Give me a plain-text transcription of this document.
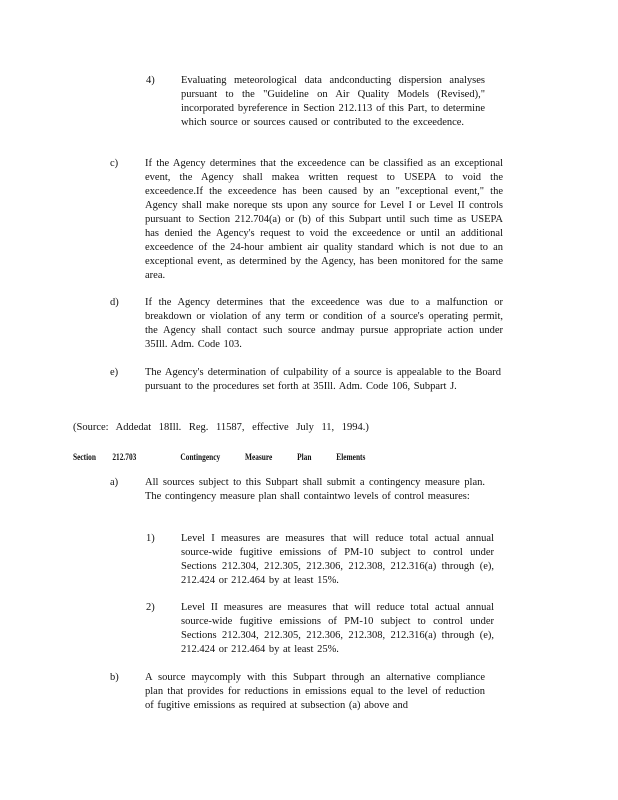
4)	Evaluating meteorological data andconducting dispersion analyses pursuant to the "Guideline on Air Quality Models (Revised)," incorporated byreference in Section 212.113 of this Part, to determine which source or sources caused or contributed to the exceedence.
c)	If the Agency determines that the exceedence can be classified as an exceptional event, the Agency shall makea written request to USEPA to void the exceedence.If the exceedence has been caused by an "exceptional event," the Agency shall make noreque sts upon any source for Level I or Level II controls pursuant to Section 212.704(a) or (b) of this Subpart until such time as USEPA has denied the Agency's request to void the exceedence or until an additional exceedence of the 24-hour ambient air quality standard which is not due to an exceptional event, as determined by the Agency, has been monitored for the same area.
d)	If the Agency determines that the exceedence was due to a malfunction or breakdown or violation of any term or condition of a source's operating permit, the Agency shall contact such source andmay pursue appropriate action under 35Ill. Adm. Code 103.
e)	The Agency's determination of culpability of a source is appealable to the Board pursuant to the procedures set forth at 35Ill. Adm. Code 106, Subpart J.
(Source: Addedat 18Ill. Reg. 11587, effective July 11, 1994.)
Section 212.703	Contingency Measure Plan Elements
a)	All sources subject to this Subpart shall submit a contingency measure plan. The contingency measure plan shall containtwo levels of control measures:
1)	Level I measures are measures that will reduce total actual annual source-wide fugitive emissions of PM-10 subject to control under Sections 212.304, 212.305, 212.306, 212.308, 212.316(a) through (e), 212.424 or 212.464 by at least 15%.
2)	Level II measures are measures that will reduce total actual annual source-wide fugitive emissions of PM-10 subject to control under Sections 212.304, 212.305, 212.306, 212.308, 212.316(a) through (e), 212.424 or 212.464 by at least 25%.
b)	A source maycomply with this Subpart through an alternative compliance plan that provides for reductions in emissions equal to the level of reduction of fugitive emissions as required at subsection (a) above and
